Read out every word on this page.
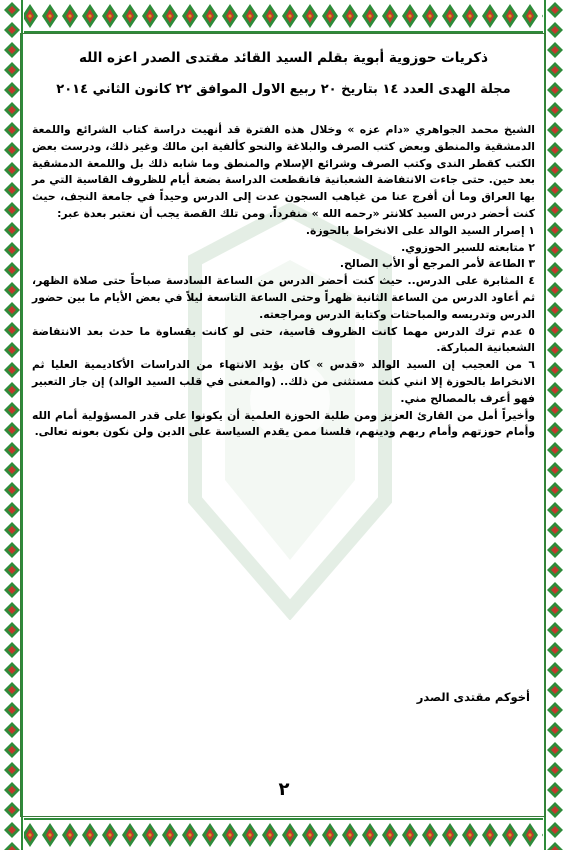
ذكريات حوزوية أبوية بقلم السيد القائد مقتدى الصدر اعزه الله
مجلة الهدى العدد ١٤ بتاريخ ٢٠ ربيع الاول الموافق ٢٢ كانون الثاني ٢٠١٤

الشيخ محمد الجواهري «دام عزه » وخلال هذه الفترة قد أنهيت دراسة كتاب الشرائع واللمعة الدمشقية والمنطق وبعض كتب الصرف والبلاغة والنحو كألفية ابن مالك وغير ذلك، ودرست بعض الكتب كقطر الندى وكتب الصرف وشرائع الإسلام والمنطق وما شابه ذلك بل واللمعة الدمشقية بعد حين. حتى جاءت الانتفاضة الشعبانية فانقطعت الدراسة بضعة أيام للظروف القاسية التي مر بها العراق وما أن أفرج عنا من غياهب السجون عدت إلى الدرس وحيداً في جامعة النجف، حيث كنت أحضر درس السيد كلانتر «رحمه الله » منفرداً. ومن تلك القصة يجب أن نعتبر بعدة عبر:

١ إصرار السيد الوالد على الانخراط بالحوزة.

٢ متابعته للسير الحوزوي.

٣ الطاعة لأمر المرجع أو الأب الصالح.

٤ المثابرة على الدرس.. حيث كنت أحضر الدرس من الساعة السادسة صباحاً حتى صلاة الظهر، ثم أعاود الدرس من الساعة الثانية ظهراً وحتى الساعة التاسعة ليلاً في بعض الأيام ما بين حضور الدرس وتدريسه والمباحثات وكتابة الدرس ومراجعته.

٥ عدم ترك الدرس مهما كانت الظروف قاسية، حتى لو كانت بقساوة ما حدث بعد الانتفاضة الشعبانية المباركة.

٦ من العجيب إن السيد الوالد «قدس » كان يؤيد الانتهاء من الدراسات الأكاديمية العليا ثم الانخراط بالحوزة إلا انني كنت مستثنى من ذلك.. (والمعنى في قلب السيد الوالد) إن جاز التعبير فهو أعرف بالمصالح مني.

وأخيراً أمل من القارئ العزيز ومن طلبة الحوزة العلمية أن يكونوا على قدر المسؤولية أمام الله وأمام حوزتهم وأمام ربهم ودينهم، فلسنا ممن يقدم السياسة على الدين ولن نكون بعونه تعالى.

أخوكم مقتدى الصدر
٢
